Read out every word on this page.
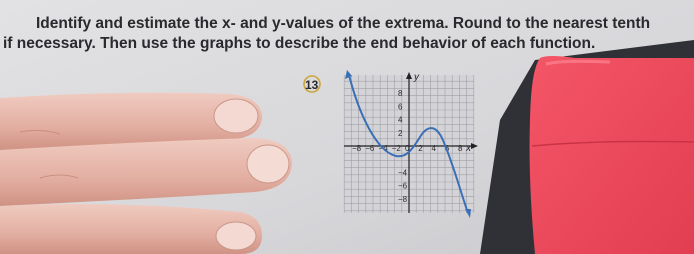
Identify and estimate the x- and y-values of the extrema. Round to the nearest tenth
if necessary. Then use the graphs to describe the end behavior of each function.
13
y
x
−8 −6 −4 −2 0 2 4 6 8
8
6
4
2
−4
−6
−8
